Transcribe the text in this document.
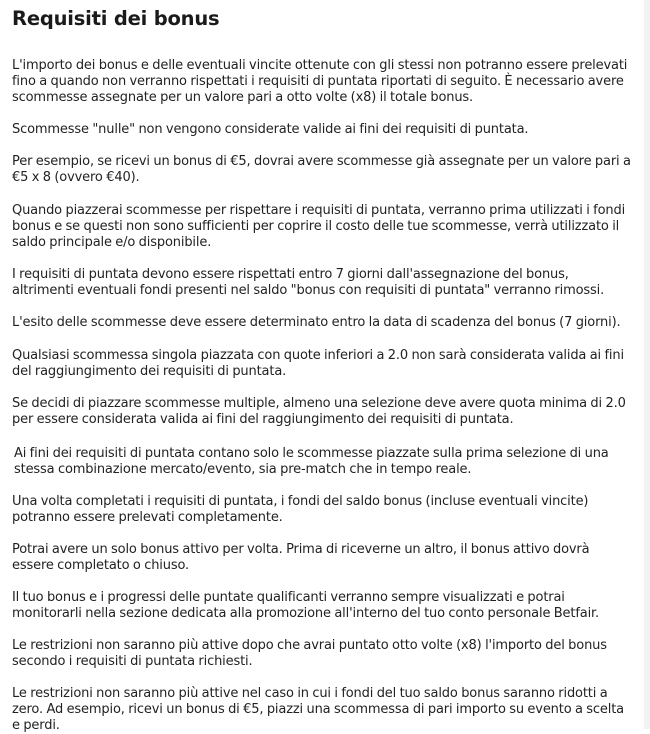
Requisiti dei bonus

L'importo dei bonus e delle eventuali vincite ottenute con gli stessi non potranno essere prelevati fino a quando non verranno rispettati i requisiti di puntata riportati di seguito. È necessario avere scommesse assegnate per un valore pari a otto volte (x8) il totale bonus.

Scommesse "nulle" non vengono considerate valide ai fini dei requisiti di puntata.

Per esempio, se ricevi un bonus di €5, dovrai avere scommesse già assegnate per un valore pari a €5 x 8 (ovvero €40).

Quando piazzerai scommesse per rispettare i requisiti di puntata, verranno prima utilizzati i fondi bonus e se questi non sono sufficienti per coprire il costo delle tue scommesse, verrà utilizzato il saldo principale e/o disponibile.

I requisiti di puntata devono essere rispettati entro 7 giorni dall'assegnazione del bonus, altrimenti eventuali fondi presenti nel saldo "bonus con requisiti di puntata" verranno rimossi.

L'esito delle scommesse deve essere determinato entro la data di scadenza del bonus (7 giorni).

Qualsiasi scommessa singola piazzata con quote inferiori a 2.0 non sarà considerata valida ai fini del raggiungimento dei requisiti di puntata.

Se decidi di piazzare scommesse multiple, almeno una selezione deve avere quota minima di 2.0 per essere considerata valida ai fini del raggiungimento dei requisiti di puntata.

Ai fini dei requisiti di puntata contano solo le scommesse piazzate sulla prima selezione di una stessa combinazione mercato/evento, sia pre-match che in tempo reale.

Una volta completati i requisiti di puntata, i fondi del saldo bonus (incluse eventuali vincite) potranno essere prelevati completamente.

Potrai avere un solo bonus attivo per volta. Prima di riceverne un altro, il bonus attivo dovrà essere completato o chiuso.

Il tuo bonus e i progressi delle puntate qualificanti verranno sempre visualizzati e potrai monitorarli nella sezione dedicata alla promozione all'interno del tuo conto personale Betfair.

Le restrizioni non saranno più attive dopo che avrai puntato otto volte (x8) l'importo del bonus secondo i requisiti di puntata richiesti.

Le restrizioni non saranno più attive nel caso in cui i fondi del tuo saldo bonus saranno ridotti a zero. Ad esempio, ricevi un bonus di €5, piazzi una scommessa di pari importo su evento a scelta e perdi.
